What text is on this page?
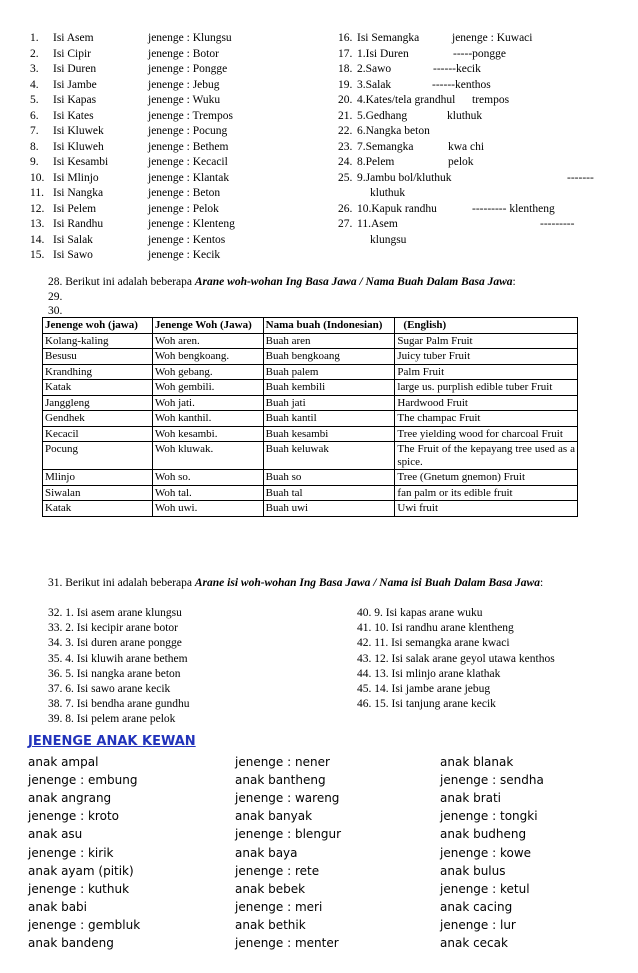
1.	Isi Asem	jenenge : Klungsu
2.	Isi Cipir	jenenge : Botor
3.	Isi Duren	jenenge : Pongge
4.	Isi Jambe	jenenge : Jebug
5.	Isi Kapas	jenenge : Wuku
6.	Isi Kates	jenenge : Trempos
7.	Isi Kluwek	jenenge : Pocung
8.	Isi Kluweh	jenenge : Bethem
9.	Isi Kesambi	jenenge : Kecacil
10. Isi Mlinjo	jenenge : Klantak
11. Isi Nangka	jenenge : Beton
12. Isi Pelem	jenenge : Pelok
13. Isi Randhu	jenenge : Klenteng
14. Isi Salak	jenenge : Kentos
15. Isi Sawo	jenenge : Kecik
16. Isi Semangka	jenenge : Kuwaci
17. 1.Isi Duren	-----pongge
18. 2.Sawo	------kecik
19. 3.Salak	------kenthos
20. 4.Kates/tela grandhul trempos
21. 5.Gedhang	kluthuk
22. 6.Nangka beton
23. 7.Semangka	kwa chi
24. 8.Pelem	pelok
25. 9.Jambu bol/kluthuk	-------
kluthuk
26. 10.Kapuk randhu	--------- klentheng
27. 11.Asem	---------
klungsu
28. Berikut ini adalah beberapa Arane woh-wohan Ing Basa Jawa / Nama Buah Dalam Basa Jawa:
29.
30.
Jenenge woh (jawa)	Jenenge Woh (Jawa)	Nama buah (Indonesian)	(English)
Kolang-kaling	Woh aren.	Buah aren	Sugar Palm Fruit
Besusu	Woh bengkoang.	Buah bengkoang	Juicy tuber Fruit
Krandhing	Woh gebang.	Buah palem	Palm Fruit
Katak	Woh gembili.	Buah kembili	large us. purplish edible tuber Fruit
Janggleng	Woh jati.	Buah jati	Hardwood Fruit
Gendhek	Woh kanthil.	Buah kantil	The champac Fruit
Kecacil	Woh kesambi.	Buah kesambi	Tree yielding wood for charcoal Fruit
Pocung	Woh kluwak.	Buah keluwak	The Fruit of the kepayang tree used as a spice.
Mlinjo	Woh so.	Buah so	Tree (Gnetum gnemon) Fruit
Siwalan	Woh tal.	Buah tal	fan palm or its edible fruit
Katak	Woh uwi.	Buah uwi	Uwi fruit
31. Berikut ini adalah beberapa Arane isi woh-wohan Ing Basa Jawa / Nama isi Buah Dalam Basa Jawa:
32. 1. Isi asem arane klungsu
33. 2. Isi kecipir arane botor
34. 3. Isi duren arane pongge
35. 4. Isi kluwih arane bethem
36. 5. Isi nangka arane beton
37. 6. Isi sawo arane kecik
38. 7. Isi bendha arane gundhu
39. 8. Isi pelem arane pelok
40. 9. Isi kapas arane wuku
41. 10. Isi randhu arane klentheng
42. 11. Isi semangka arane kwaci
43. 12. Isi salak arane geyol utawa kenthos
44. 13. Isi mlinjo arane klathak
45. 14. Isi jambe arane jebug
46. 15. Isi tanjung arane kecik
JENENGE ANAK KEWAN
anak ampal
jenenge : embung
anak angrang
jenenge : kroto
anak asu
jenenge : kirik
anak ayam (pitik)
jenenge : kuthuk
anak babi
jenenge : gembluk
anak bandeng
jenenge : nener
anak bantheng
jenenge : wareng
anak banyak
jenenge : blengur
anak baya
jenenge : rete
anak bebek
jenenge : meri
anak bethik
jenenge : menter
anak blanak
jenenge : sendha
anak brati
jenenge : tongki
anak budheng
jenenge : kowe
anak bulus
jenenge : ketul
anak cacing
jenenge : lur
anak cecak
